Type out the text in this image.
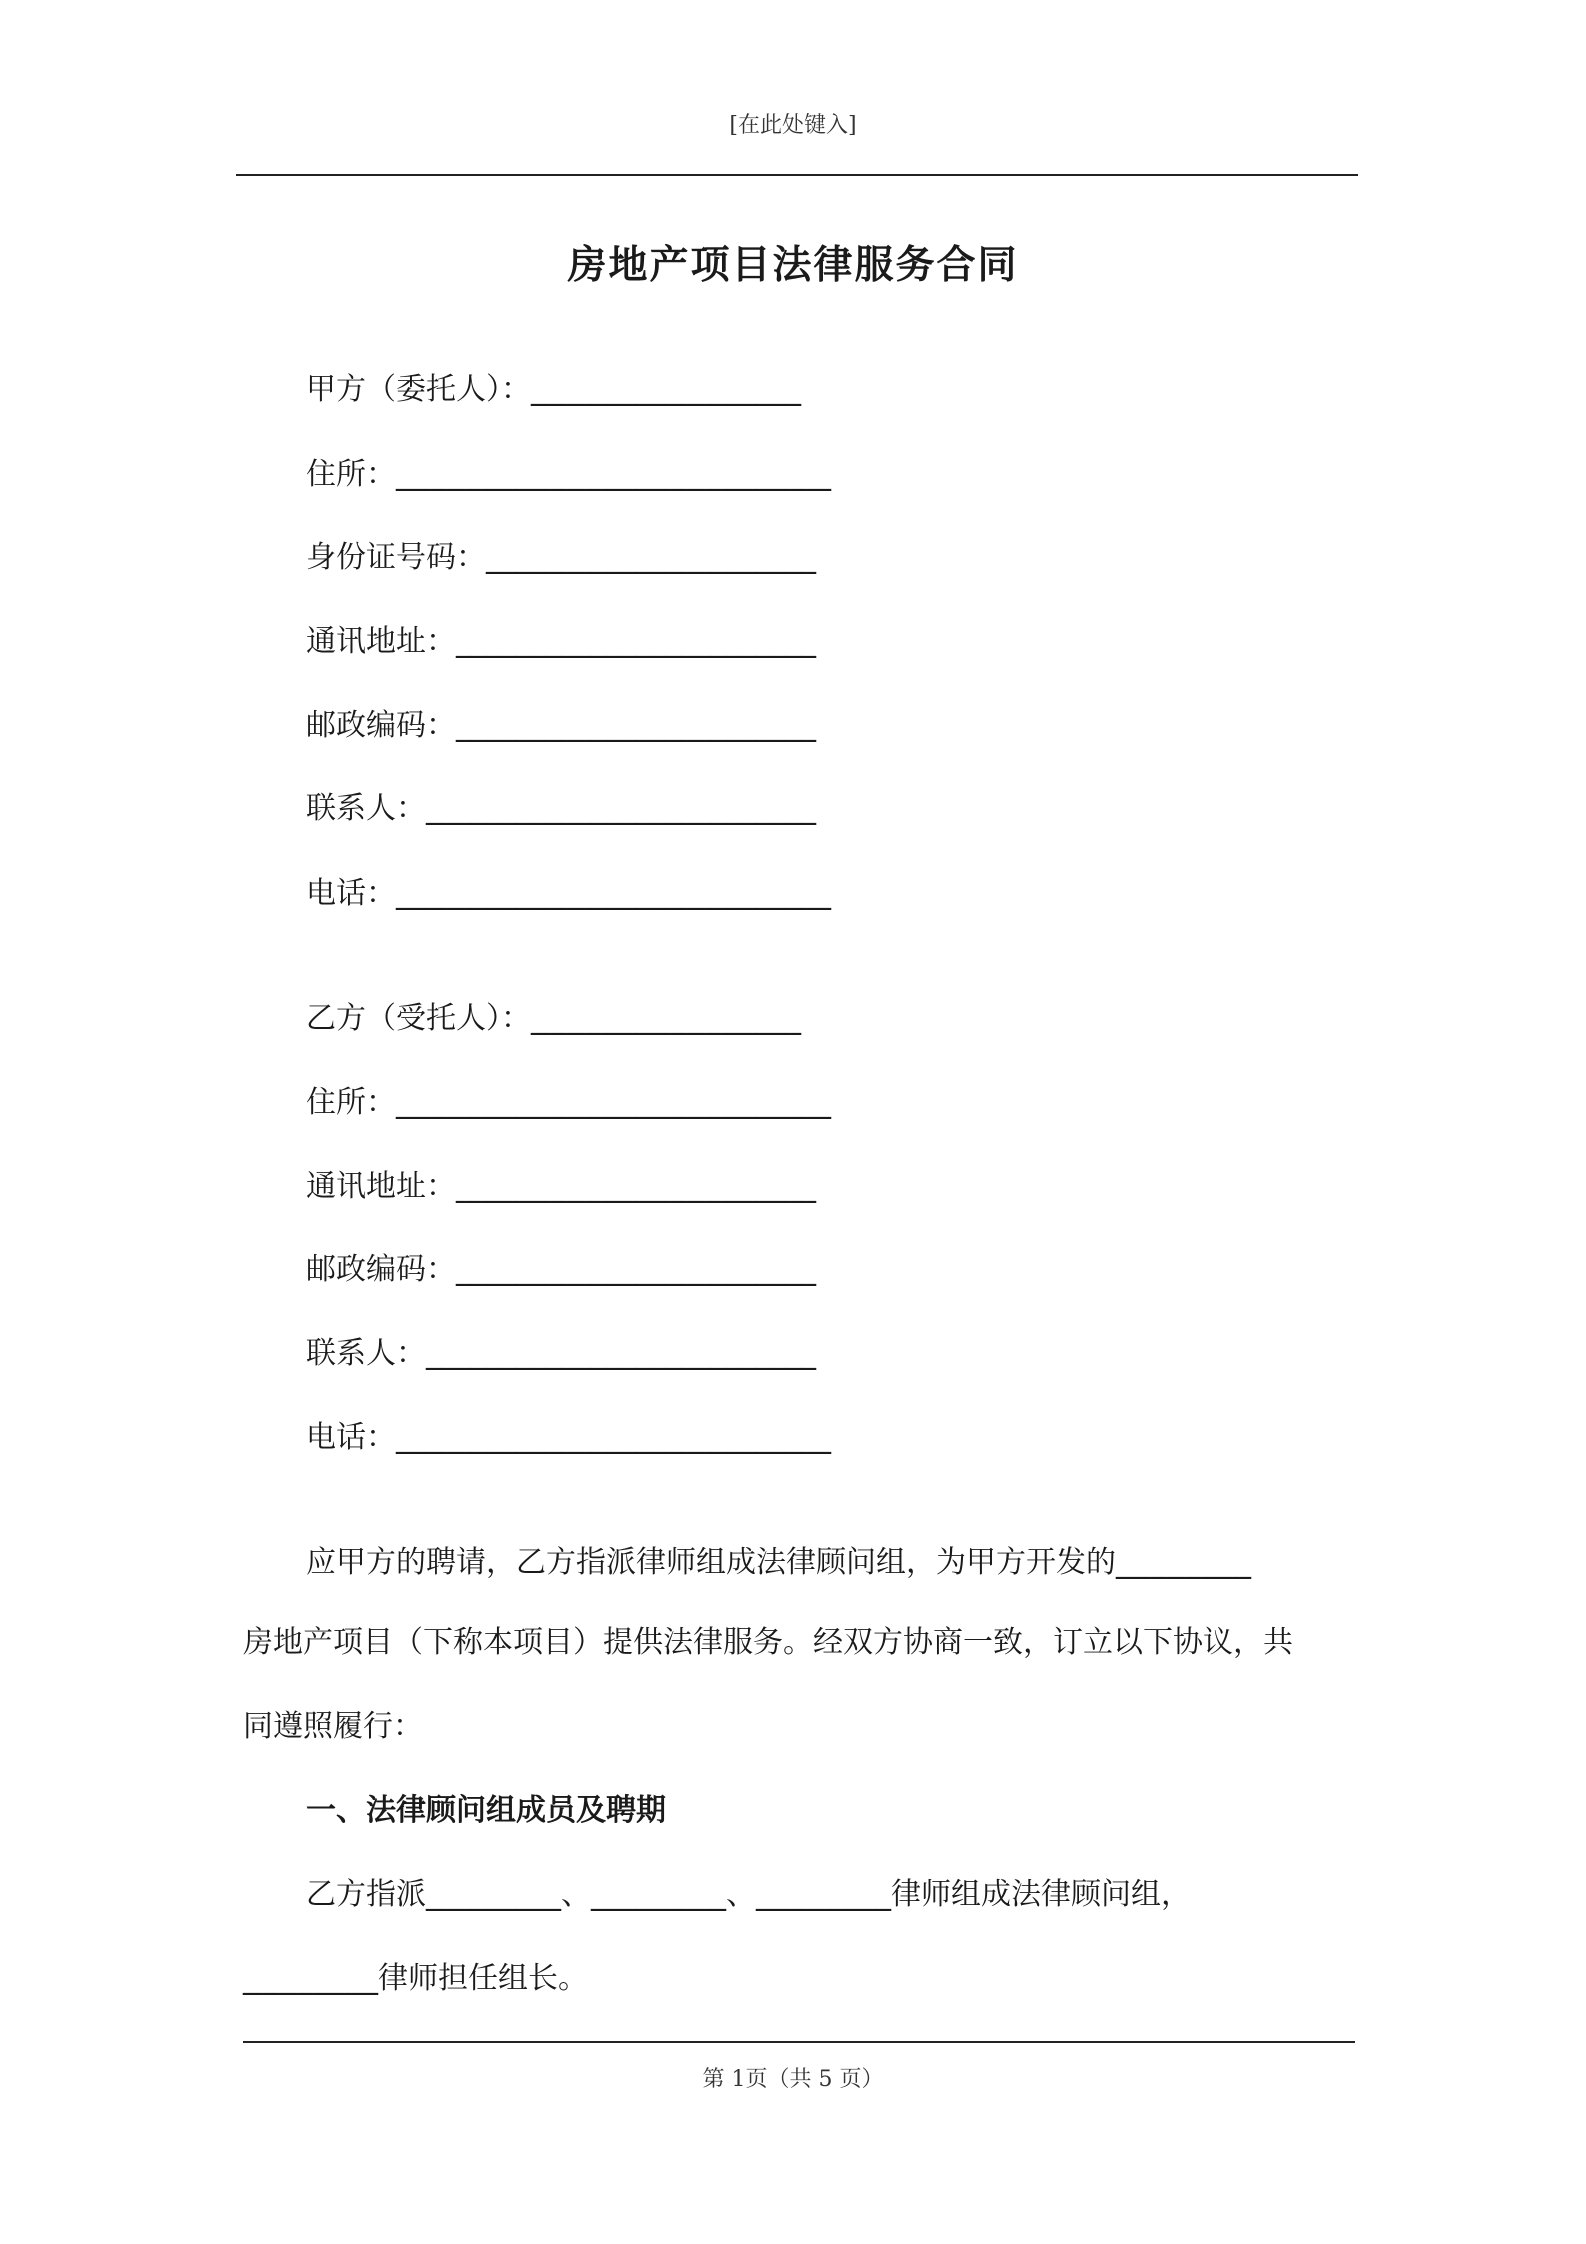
[在此处键入]
房地产项目法律服务合同
甲方（委托人）：__________________
住所：_____________________________
身份证号码：______________________
通讯地址：________________________
邮政编码：________________________
联系人：__________________________
电话：_____________________________
乙方（受托人）：__________________
住所：_____________________________
通讯地址：________________________
邮政编码：________________________
联系人：__________________________
电话：_____________________________
应甲方的聘请，乙方指派律师组成法律顾问组，为甲方开发的_________
房地产项目（下称本项目）提供法律服务。经双方协商一致，订立以下协议，共
同遵照履行：
一、法律顾问组成员及聘期
乙方指派_________、_________、_________律师组成法律顾问组，
_________律师担任组长。
第 1页（共 5 页）
